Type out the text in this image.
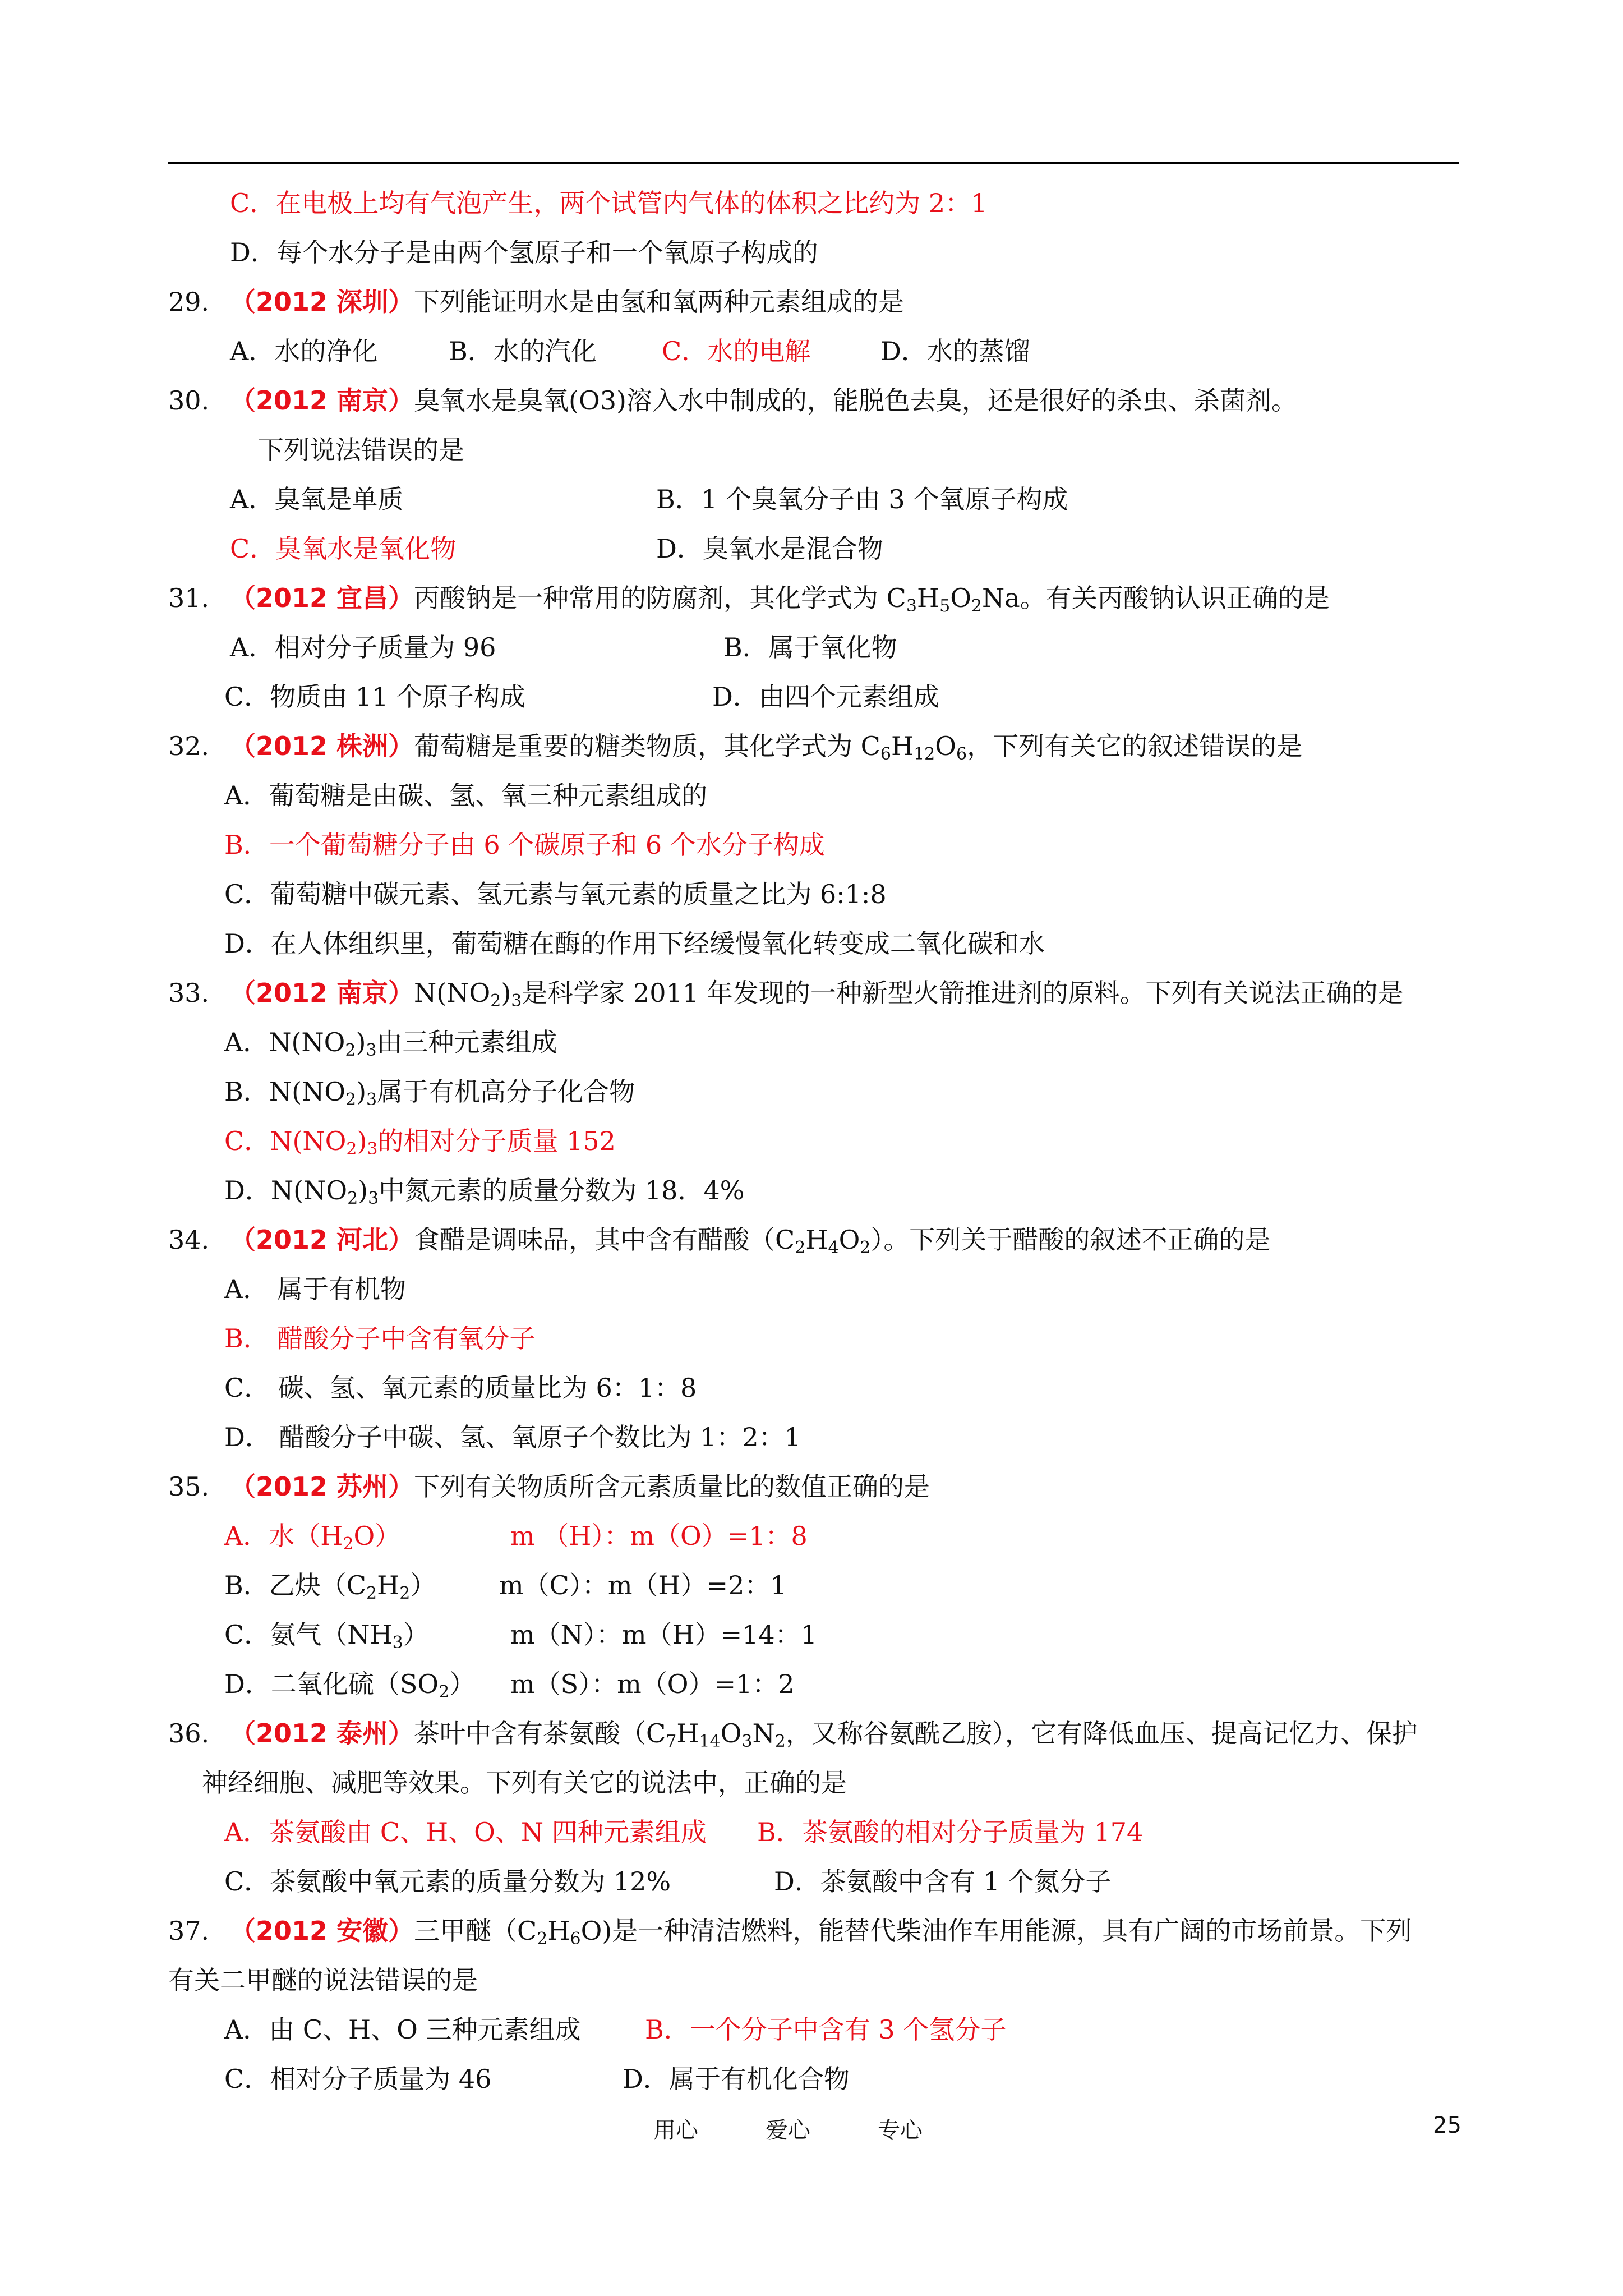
C．在电极上均有气泡产生，两个试管内气体的体积之比约为 2：1
D．每个水分子是由两个氢原子和一个氧原子构成的
29. （2012 深圳）下列能证明水是由氢和氧两种元素组成的是
A．水的净化	B．水的汽化	C．水的电解	D．水的蒸馏
30. （2012 南京）臭氧水是臭氧(O3)溶入水中制成的，能脱色去臭，还是很好的杀虫、杀菌剂。
下列说法错误的是
A．臭氧是单质	B．1 个臭氧分子由 3 个氧原子构成
C．臭氧水是氧化物	D．臭氧水是混合物
31. （2012 宜昌）丙酸钠是一种常用的防腐剂，其化学式为 $C_3H_5O_2Na$。有关丙酸钠认识正确的是
A．相对分子质量为 96	B．属于氧化物
C．物质由 11 个原子构成	D．由四个元素组成
32. （2012 株洲）葡萄糖是重要的糖类物质，其化学式为 $C_6H_{12}O_6$，下列有关它的叙述错误的是
A．葡萄糖是由碳、氢、氧三种元素组成的
B．一个葡萄糖分子由 6 个碳原子和 6 个水分子构成
C．葡萄糖中碳元素、氢元素与氧元素的质量之比为 6:1:8
D．在人体组织里，葡萄糖在酶的作用下经缓慢氧化转变成二氧化碳和水
33. （2012 南京）$N(NO_2)_3$是科学家 2011 年发现的一种新型火箭推进剂的原料。下列有关说法正确的是
A．$N(NO_2)_3$由三种元素组成
B．$N(NO_2)_3$属于有机高分子化合物
C．$N(NO_2)_3$的相对分子质量 152
D．$N(NO_2)_3$中氮元素的质量分数为 18．4%
34. （2012 河北）食醋是调味品，其中含有醋酸$(C_2H_4O_2)$。下列关于醋酸的叙述不正确的是
A． 属于有机物
B． 醋酸分子中含有氧分子
C． 碳、氢、氧元素的质量比为 6：1：8
D． 醋酸分子中碳、氢、氧原子个数比为 1：2：1
35. （2012 苏州）下列有关物质所含元素质量比的数值正确的是
A．水$(H_2O)$	m （H）：m（O）=1：8
B．乙炔$(C_2H_2)$ m（C）：m（H）=2：1
C．氨气$(NH_3)$	m（N）：m（H）=14：1
D．二氧化硫$(SO_2)$ m（S）：m（O）=1：2
36. （2012 泰州）茶叶中含有茶氨酸（$C_7H_{14}O_3N_2$，又称谷氨酰乙胺），它有降低血压、提高记忆力、保护
神经细胞、减肥等效果。下列有关它的说法中，正确的是
A．茶氨酸由 C、H、O、N 四种元素组成 B．茶氨酸的相对分子质量为 174
C．茶氨酸中氧元素的质量分数为 12%	D．茶氨酸中含有 1 个氮分子
37. （2012 安徽）三甲醚$(C_2H_6O)$是一种清洁燃料，能替代柴油作车用能源，具有广阔的市场前景。下列
有关二甲醚的说法错误的是
A．由 C、H、O 三种元素组成 B．一个分子中含有 3 个氢分子
C．相对分子质量为 46	D．属于有机化合物
用心	爱心	专心	25
